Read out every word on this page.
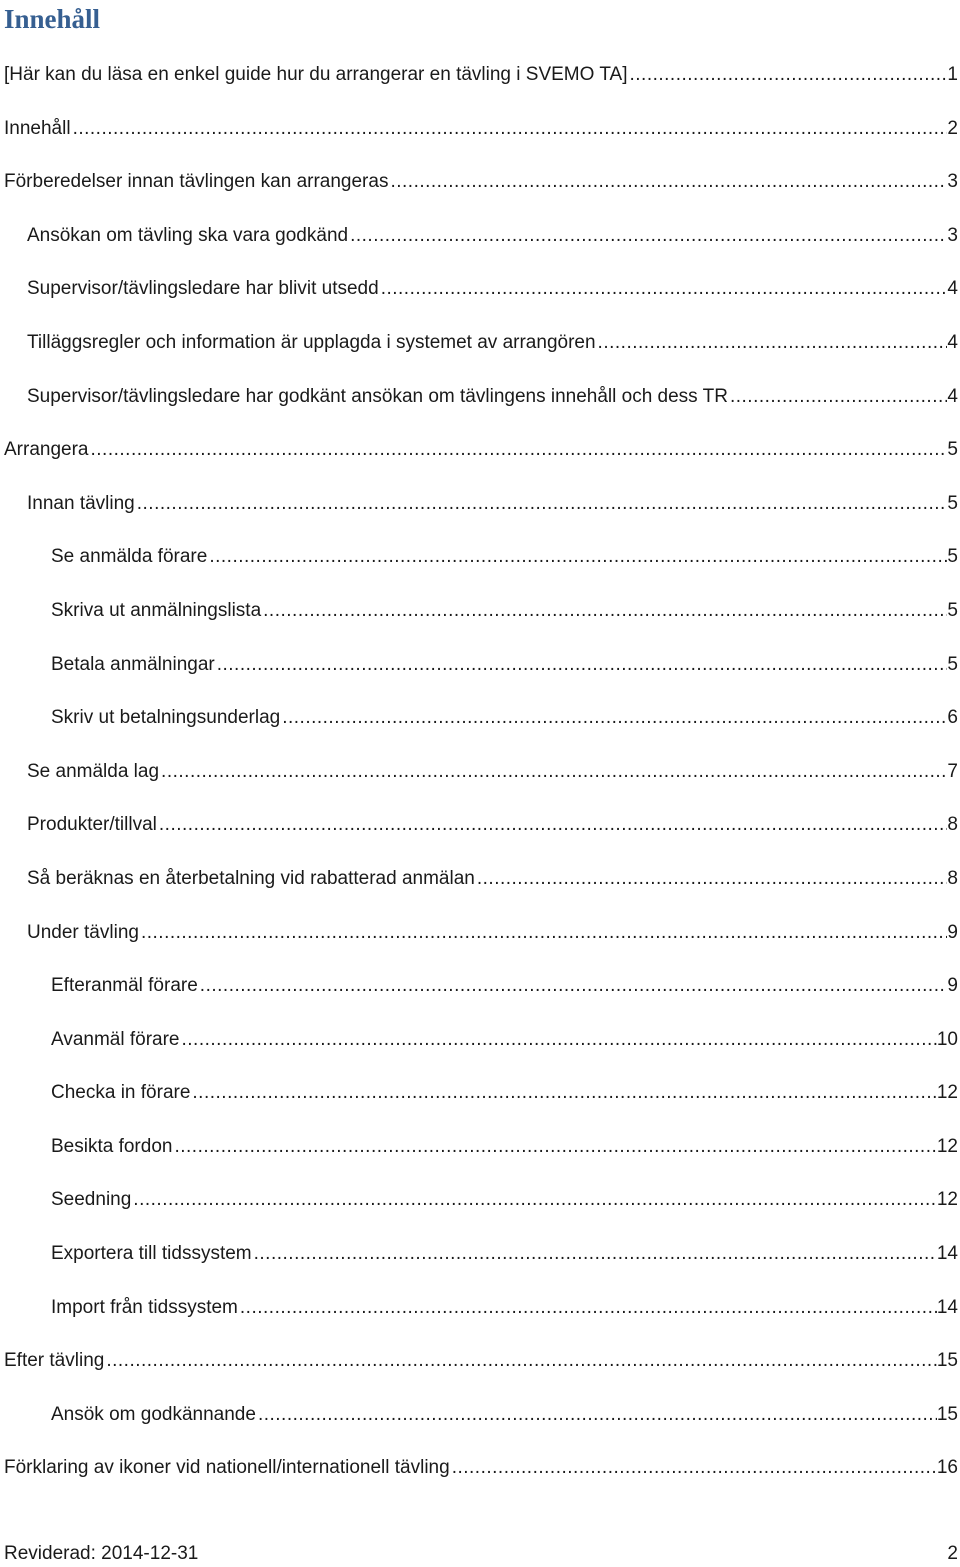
Innehåll
[Här kan du läsa en enkel guide hur du arrangerar en tävling i SVEMO TA] .....	1
Innehåll .....	2
Förberedelser innan tävlingen kan arrangeras .....	3
Ansökan om tävling ska vara godkänd .....	3
Supervisor/tävlingsledare har blivit utsedd .....	4
Tilläggsregler och information är upplagda i systemet av arrangören .....	4
Supervisor/tävlingsledare har godkänt ansökan om tävlingens innehåll och dess TR .....	4
Arrangera .....	5
Innan tävling .....	5
Se anmälda förare .....	5
Skriva ut anmälningslista .....	5
Betala anmälningar .....	5
Skriv ut betalningsunderlag .....	6
Se anmälda lag .....	7
Produkter/tillval .....	8
Så beräknas en återbetalning vid rabatterad anmälan .....	8
Under tävling .....	9
Efteranmäl förare .....	9
Avanmäl förare .....	10
Checka in förare .....	12
Besikta fordon .....	12
Seedning .....	12
Exportera till tidssystem .....	14
Import från tidssystem .....	14
Efter tävling .....	15
Ansök om godkännande .....	15
Förklaring av ikoner vid nationell/internationell tävling .....	16
Reviderad: 2014-12-31	2
